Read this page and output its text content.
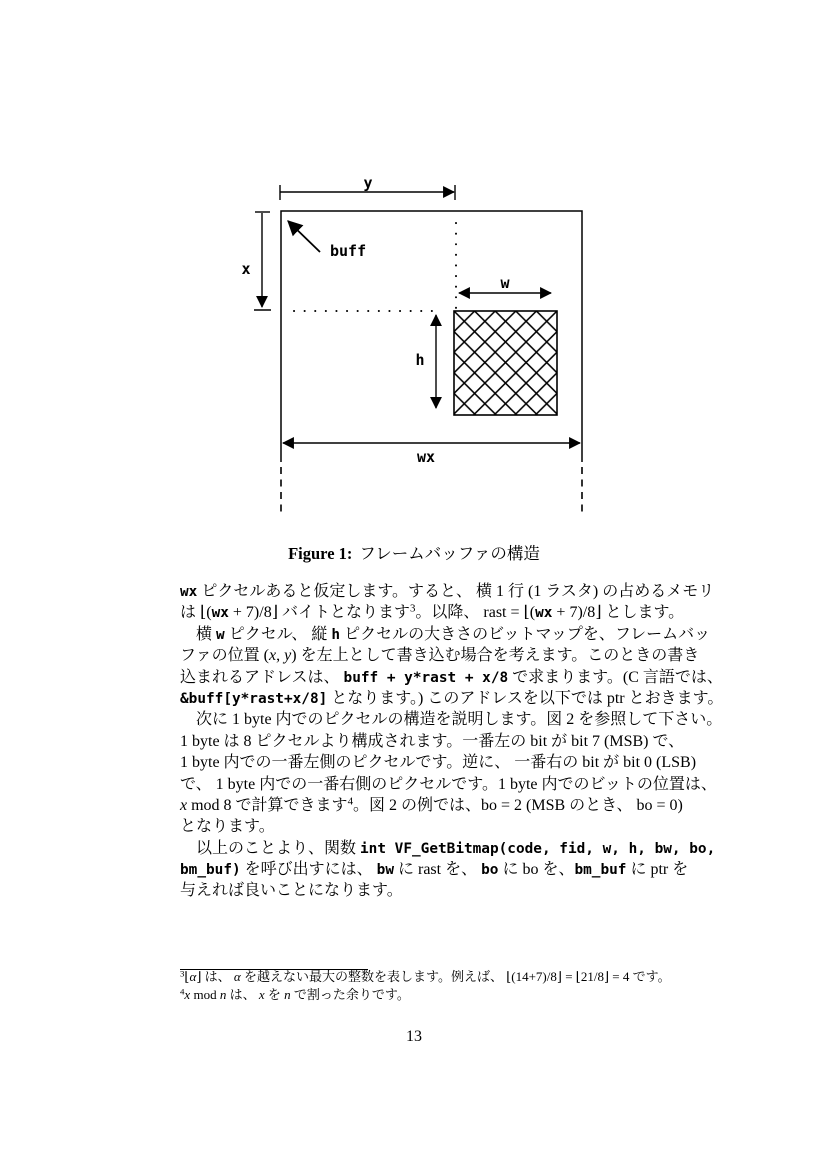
y
x
buff
w
h
wx
Figure 1: フレームバッファの構造
wx ピクセルあると仮定します。すると、 横 1 行 (1 ラスタ) の占めるメモリ
は ⌊(wx + 7)/8⌋ バイトとなります$^3$。以降、 rast = ⌊(wx + 7)/8⌋ とします。
　横 w ピクセル、 縦 h ピクセルの大きさのビットマップを、フレームバッ
ファの位置 (x, y) を左上として書き込む場合を考えます。このときの書き
込まれるアドレスは、 buff + y*rast + x/8 で求まります。(C 言語では、
&buff[y*rast+x/8] となります。) このアドレスを以下では ptr とおきます。
　次に 1 byte 内でのピクセルの構造を説明します。図 2 を参照して下さい。
1 byte は 8 ピクセルより構成されます。一番左の bit が bit 7 (MSB) で、
1 byte 内での一番左側のピクセルです。逆に、 一番右の bit が bit 0 (LSB)
で、 1 byte 内での一番右側のピクセルです。1 byte 内でのビットの位置は、
x mod 8 で計算できます$^4$。図 2 の例では、bo = 2 (MSB のとき、 bo = 0)
となります。
　以上のことより、関数 int VF_GetBitmap(code, fid, w, h, bw, bo,
bm_buf) を呼び出すには、 bw に rast を、 bo に bo を、bm_buf に ptr を
与えれば良いことになります。
$^3$⌊α⌋ は、 α を越えない最大の整数を表します。例えば、 ⌊(14+7)/8⌋ = ⌊21/8⌋ = 4 です。
$^4$x mod n は、 x を n で割った余りです。
13
